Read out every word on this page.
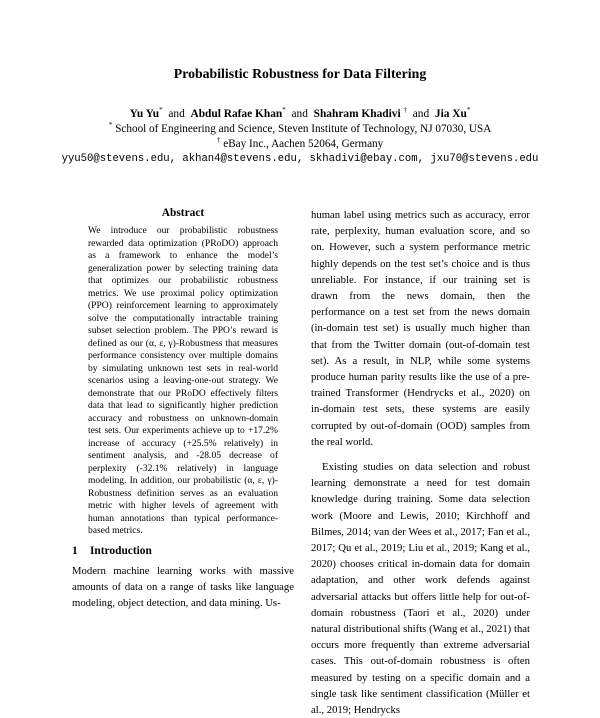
Probabilistic Robustness for Data Filtering
Yu Yu* and Abdul Rafae Khan* and Shahram Khadivi † and Jia Xu*
* School of Engineering and Science, Steven Institute of Technology, NJ 07030, USA
† eBay Inc., Aachen 52064, Germany
yyu50@stevens.edu, akhan4@stevens.edu, skhadivi@ebay.com, jxu70@stevens.edu
Abstract
We introduce our probabilistic robustness rewarded data optimization (PRoDO) approach as a framework to enhance the model’s generalization power by selecting training data that optimizes our probabilistic robustness metrics. We use proximal policy optimization (PPO) reinforcement learning to approximately solve the computationally intractable training subset selection problem. The PPO’s reward is defined as our (α, ε, γ)-Robustness that measures performance consistency over multiple domains by simulating unknown test sets in real-world scenarios using a leaving-one-out strategy. We demonstrate that our PRoDO effectively filters data that lead to significantly higher prediction accuracy and robustness on unknown-domain test sets. Our experiments achieve up to +17.2% increase of accuracy (+25.5% relatively) in sentiment analysis, and -28.05 decrease of perplexity (-32.1% relatively) in language modeling. In addition, our probabilistic (α, ε, γ)-Robustness definition serves as an evaluation metric with higher levels of agreement with human annotations than typical performance-based metrics.
1 Introduction
Modern machine learning works with massive amounts of data on a range of tasks like language modeling, object detection, and data mining. Us-

human label using metrics such as accuracy, error rate, perplexity, human evaluation score, and so on. However, such a system performance metric highly depends on the test set’s choice and is thus unreliable. For instance, if our training set is drawn from the news domain, then the performance on a test set from the news domain (in-domain test set) is usually much higher than that from the Twitter domain (out-of-domain test set). As a result, in NLP, while some systems produce human parity results like the use of a pre-trained Transformer (Hendrycks et al., 2020) on in-domain test sets, these systems are easily corrupted by out-of-domain (OOD) samples from the real world.

Existing studies on data selection and robust learning demonstrate a need for test domain knowledge during training. Some data selection work (Moore and Lewis, 2010; Kirchhoff and Bilmes, 2014; van der Wees et al., 2017; Fan et al., 2017; Qu et al., 2019; Liu et al., 2019; Kang et al., 2020) chooses critical in-domain data for domain adaptation, and other work defends against adversarial attacks but offers little help for out-of-domain robustness (Taori et al., 2020) under natural distributional shifts (Wang et al., 2021) that occurs more frequently than extreme adversarial cases. This out-of-domain robustness is often measured by testing on a specific domain and a single task like sentiment classification (Müller et al., 2019; Hendrycks
